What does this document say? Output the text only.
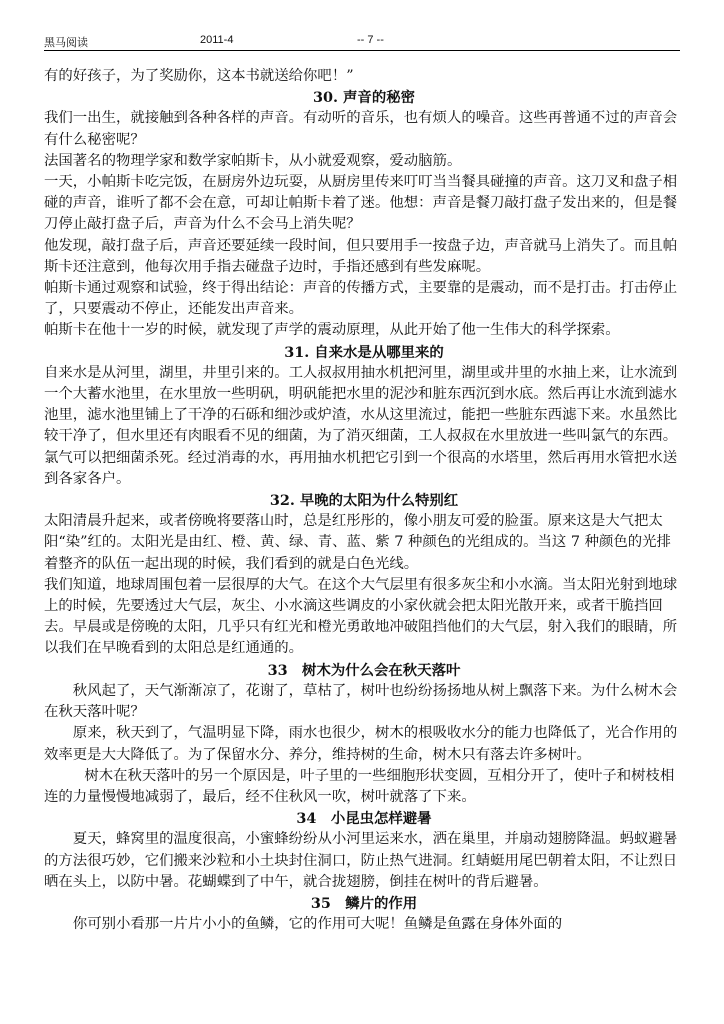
黑马阅读	2011-4	-- 7 --

有的好孩子，为了奖励你，这本书就送给你吧！”

30. 声音的秘密

我们一出生，就接触到各种各样的声音。有动听的音乐，也有烦人的噪音。这些再普通不过的声音会有什么秘密呢？

法国著名的物理学家和数学家帕斯卡，从小就爱观察，爱动脑筋。

一天，小帕斯卡吃完饭，在厨房外边玩耍，从厨房里传来叮叮当当餐具碰撞的声音。这刀叉和盘子相碰的声音，谁听了都不会在意，可却让帕斯卡着了迷。他想：声音是餐刀敲打盘子发出来的，但是餐刀停止敲打盘子后，声音为什么不会马上消失呢？

他发现，敲打盘子后，声音还要延续一段时间，但只要用手一按盘子边，声音就马上消失了。而且帕斯卡还注意到，他每次用手指去碰盘子边时，手指还感到有些发麻呢。

帕斯卡通过观察和试验，终于得出结论：声音的传播方式，主要靠的是震动，而不是打击。打击停止了，只要震动不停止，还能发出声音来。

帕斯卡在他十一岁的时候，就发现了声学的震动原理，从此开始了他一生伟大的科学探索。

31. 自来水是从哪里来的

自来水是从河里，湖里，井里引来的。工人叔叔用抽水机把河里，湖里或井里的水抽上来，让水流到一个大蓄水池里，在水里放一些明矾，明矾能把水里的泥沙和脏东西沉到水底。然后再让水流到滤水池里，滤水池里铺上了干净的石砾和细沙或炉渣，水从这里流过，能把一些脏东西滤下来。水虽然比较干净了，但水里还有肉眼看不见的细菌，为了消灭细菌，工人叔叔在水里放进一些叫氯气的东西。氯气可以把细菌杀死。经过消毒的水，再用抽水机把它引到一个很高的水塔里，然后再用水管把水送到各家各户。

32. 早晚的太阳为什么特别红

太阳清晨升起来，或者傍晚将要落山时，总是红彤彤的，像小朋友可爱的脸蛋。原来这是大气把太阳“染”红的。太阳光是由红、橙、黄、绿、青、蓝、紫 7 种颜色的光组成的。当这 7 种颜色的光排着整齐的队伍一起出现的时候，我们看到的就是白色光线。

我们知道，地球周围包着一层很厚的大气。在这个大气层里有很多灰尘和小水滴。当太阳光射到地球上的时候，先要透过大气层，灰尘、小水滴这些调皮的小家伙就会把太阳光散开来，或者干脆挡回去。早晨或是傍晚的太阳，几乎只有红光和橙光勇敢地冲破阻挡他们的大气层，射入我们的眼睛，所以我们在早晚看到的太阳总是红通通的。

33　树木为什么会在秋天落叶

秋风起了，天气渐渐凉了，花谢了，草枯了，树叶也纷纷扬扬地从树上飘落下来。为什么树木会在秋天落叶呢？

原来，秋天到了，气温明显下降，雨水也很少，树木的根吸收水分的能力也降低了，光合作用的效率更是大大降低了。为了保留水分、养分，维持树的生命，树木只有落去许多树叶。

树木在秋天落叶的另一个原因是，叶子里的一些细胞形状变圆，互相分开了，使叶子和树枝相连的力量慢慢地减弱了，最后，经不住秋风一吹，树叶就落了下来。

34　小昆虫怎样避暑

夏天，蜂窝里的温度很高，小蜜蜂纷纷从小河里运来水，洒在巢里，并扇动翅膀降温。蚂蚁避暑的方法很巧妙，它们搬来沙粒和小土块封住洞口，防止热气进洞。红蜻蜓用尾巴朝着太阳，不让烈日晒在头上，以防中暑。花蝴蝶到了中午，就合拢翅膀，倒挂在树叶的背后避暑。

35　鳞片的作用

你可别小看那一片片小小的鱼鳞，它的作用可大呢！鱼鳞是鱼露在身体外面的
